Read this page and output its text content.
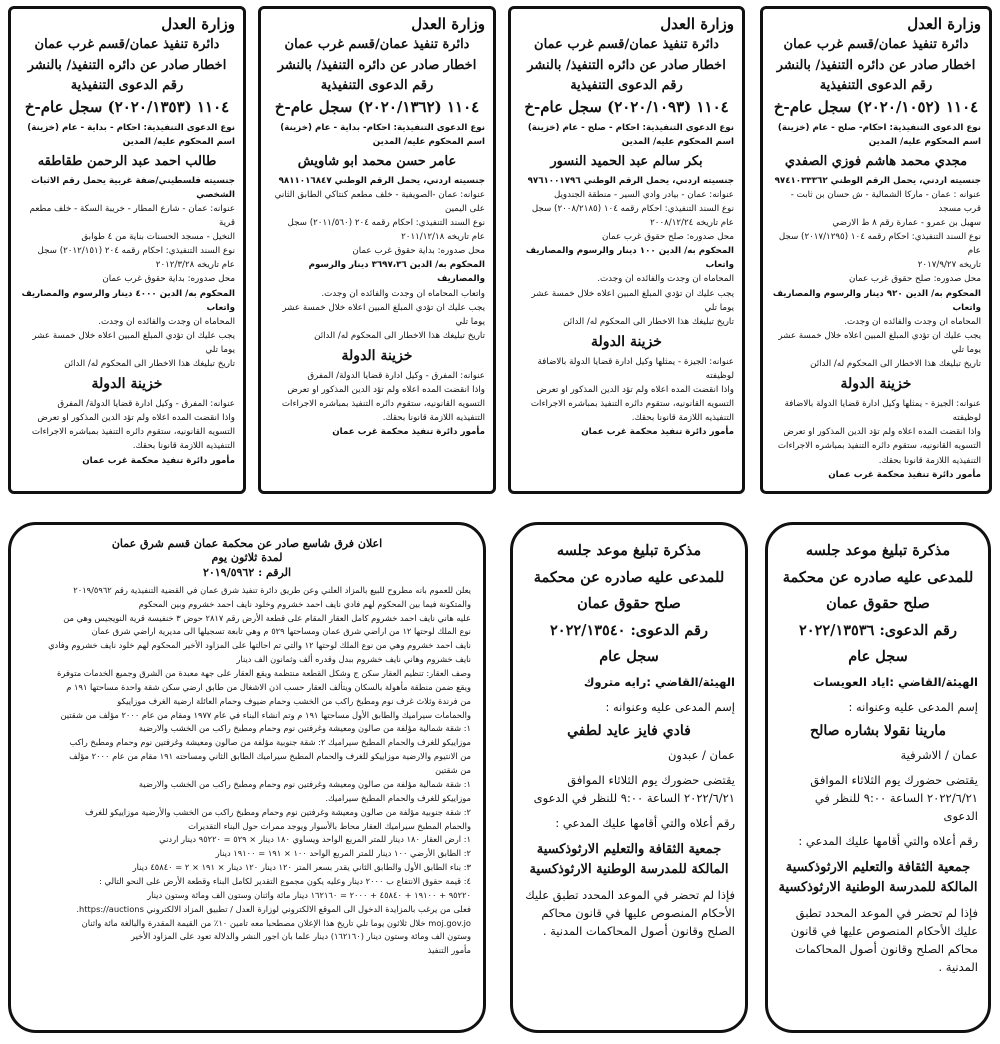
وزارة العدل
دائرة تنفيذ عمان/قسم غرب عمان
اخطار صادر عن دائره التنفيذ/ بالنشر
رقم الدعوى التنفيذية
١١٠٤ (٢٠٢٠/١٠٥٢) سجل عام-خ
نوع الدعوى التنفيذية: احكام- صلح - عام (خزينة)
اسم المحكوم عليه/ المدين
مجدي محمد هاشم فوزي الصفدي
جنسيته اردني، يحمل الرقم الوطني ٩٧٤١٠٣٣٣٦٢
عنوانه : عمان - ماركا الشمالية - ش حسان بن ثابت - قرب مسجد
سهيل بن عمرو - عمارة رقم ٨ ط الارضي
نوع السند التنفيذي: احكام رقمه ١٠٤ (٢٠١٧/١٢٩٥) سجل عام
تاريخه ٢٠١٧/٩/٢٧
محل صدوره: صلح حقوق غرب عمان
المحكوم به/ الدين ٩٢٠ دينار والرسوم والمصاريف واتعاب
المحاماه ان وجدت والفائده ان وجدت.
يجب عليك ان تؤدي المبلغ المبين اعلاه خلال خمسة عشر يوما تلي
تاريخ تبليغك هذا الاخطار الى المحكوم له/ الدائن
خزينة الدولة
عنوانه: الجيزة - يمثلها وكيل ادارة قضايا الدولة بالاضافة
لوظيفته
واذا انقضت المده اعلاه ولم تؤد الدين المذكور او تعرض
التسويه القانونيه، ستقوم دائره التنفيذ بمباشره الاجراءات
التنفيذيه اللازمة قانونا بحقك.
مأمور دائرة تنفيذ محكمة غرب عمان
وزارة العدل
دائرة تنفيذ عمان/قسم غرب عمان
اخطار صادر عن دائره التنفيذ/ بالنشر
رقم الدعوى التنفيذية
١١٠٤ (٢٠٢٠/١٠٩٣) سجل عام-خ
نوع الدعوى التنفيذية: احكام - صلح - عام (خزينة)
اسم المحكوم عليه/ المدين
بكر سالم عبد الحميد النسور
جنسيته اردني، يحمل الرقم الوطني ٩٧٦١٠٠١٧٩٦
عنوانه: عمان - بيادر وادي السير - منطقة الجندويل
نوع السند التنفيذي: احكام رقمه ١٠٤ (٢٠٠٨/٢١٨٥) سجل
عام تاريخه ٢٠٠٨/١٢/٢٤
محل صدوره: صلح حقوق غرب عمان
المحكوم به/ الدين ١٠٠ دينار والرسوم والمصاريف واتعاب
المحاماه ان وجدت والفائده ان وجدت.
يجب عليك ان تؤدي المبلغ المبين اعلاه خلال خمسة عشر يوما تلي
تاريخ تبليغك هذا الاخطار الى المحكوم له/ الدائن
خزينة الدولة
عنوانه: الجيزة - يمثلها وكيل ادارة قضايا الدولة بالاضافة
لوظيفته
واذا انقضت المده اعلاه ولم تؤد الدين المذكور او تعرض
التسويه القانونيه، ستقوم دائره التنفيذ بمباشره الاجراءات
التنفيذيه اللازمة قانونا بحقك.
مأمور دائرة تنفيذ محكمة غرب عمان
وزارة العدل
دائرة تنفيذ عمان/قسم غرب عمان
اخطار صادر عن دائره التنفيذ/ بالنشر
رقم الدعوى التنفيذية
١١٠٤ (٢٠٢٠/١٣٦٢) سجل عام-خ
نوع الدعوى التنفيذية: احكام- بداية - عام (خزينة)
اسم المحكوم عليه/ المدين
عامر حسن محمد ابو شاويش
جنسيته اردني، يحمل الرقم الوطني ٩٨١١٠١٦٨٤٧
عنوانه: عمان -الصويفية - خلف مطعم كنتاكي الطابق الثاني
على اليمين
نوع السند التنفيذي: احكام رقمه ٢٠٤ (٢٠١١/٥٦٠) سجل
عام تاريخه ٢٠١١/١٢/١٨
محل صدوره: بداية حقوق غرب عمان
المحكوم به/ الدين ٣٦٩٧،٣٦ دينار والرسوم والمصاريف
واتعاب المحاماه ان وجدت والفائده ان وجدت.
يجب عليك ان تؤدي المبلغ المبين اعلاه خلال خمسة عشر يوما تلي
تاريخ تبليغك هذا الاخطار الى المحكوم له/ الدائن
خزينة الدولة
عنوانه: المفرق - وكيل ادارة قضايا الدولة/ المفرق
واذا انقضت المده اعلاه ولم تؤد الدين المذكور او تعرض
التسويه القانونيه، ستقوم دائره التنفيذ بمباشره الاجراءات
التنفيذيه اللازمة قانونا بحقك.
مأمور دائرة تنفيذ محكمة غرب عمان
وزارة العدل
دائرة تنفيذ عمان/قسم غرب عمان
اخطار صادر عن دائره التنفيذ/ بالنشر
رقم الدعوى التنفيذية
١١٠٤ (٢٠٢٠/١٣٥٣) سجل عام-خ
نوع الدعوى التنفيذية: احكام - بداية - عام (خزينة)
اسم المحكوم عليه/ المدين
طالب احمد عبد الرحمن طقاطقه
جنسيته فلسطيني/ضفة غربية يحمل رقم الاثبات الشخصي
عنوانه: عمان - شارع المطار - خريبة السكة - خلف مطعم قرية
النخيل - مسجد الحسنات بناية من ٤ طوابق
نوع السند التنفيذي: احكام رقمه ٢٠٤ (٢٠١٢/١٥١) سجل
عام تاريخه ٢٠١٢/٣/٢٨
محل صدوره: بداية حقوق غرب عمان
المحكوم به/ الدين ٤٠٠٠ دينار والرسوم والمصاريف واتعاب
المحاماه ان وجدت والفائده ان وجدت.
يجب عليك ان تؤدي المبلغ المبين اعلاه خلال خمسة عشر يوما تلي
تاريخ تبليغك هذا الاخطار الى المحكوم له/ الدائن
خزينة الدولة
عنوانه: المفرق - وكيل ادارة قضايا الدولة/ المفرق
واذا انقضت المده اعلاه ولم تؤد الدين المذكور او تعرض
التسويه القانونيه، ستقوم دائره التنفيذ بمباشره الاجراءات
التنفيذيه اللازمة قانونا بحقك.
مأمور دائرة تنفيذ محكمة غرب عمان
مذكرة تبليغ موعد جلسه
للمدعى عليه صادره عن محكمة
صلح حقوق عمان
رقم الدعوى: ٢٠٢٢/١٣٥٣٦
سجل عام
الهيئة/القاضي :اياد العويسات
إسم المدعى عليه وعنوانه :
مارينا نقولا بشاره صالح
عمان / الاشرفية
يقتضى حضورك يوم الثلاثاء الموافق ٢٠٢٢/٦/٢١ الساعة ٩:٠٠ للنظر في الدعوى
رقم أعلاه والتي أقامها عليك المدعي :
جمعية الثقافة والتعليم الارثوذكسية المالكة للمدرسة الوطنية الارثوذكسية
فإذا لم تحضر في الموعد المحدد تطبق عليك الأحكام المنصوص عليها في قانون محاكم الصلح وقانون أصول المحاكمات المدنية .
مذكرة تبليغ موعد جلسه
للمدعى عليه صادره عن محكمة
صلح حقوق عمان
رقم الدعوى: ٢٠٢٢/١٣٥٤٠
سجل عام
الهيئة/القاضي :رايه متروك
إسم المدعى عليه وعنوانه :
فادي فايز عايد لطفي
عمان / عبدون
يقتضى حضورك يوم الثلاثاء الموافق ٢٠٢٢/٦/٢١ الساعة ٩:٠٠ للنظر في الدعوى
رقم أعلاه والتي أقامها عليك المدعي :
جمعية الثقافة والتعليم الارثوذكسية المالكة للمدرسة الوطنية الارثوذكسية
فإذا لم تحضر في الموعد المحدد تطبق عليك الأحكام المنصوص عليها في قانون محاكم الصلح وقانون أصول المحاكمات المدنية .
اعلان فرق شاسع صادر عن محكمة عمان قسم شرق عمان
لمدة ثلاثون يوم
الرقم : ٢٠١٩/٥٩٦٢
يعلن للعموم بانه مطروح للبيع بالمزاد العلني وعن طريق دائرة تنفيذ شرق عمان في القضية التنفيذية رقم ٢٠١٩/٥٩٦٢
والمتكونة فيما بين المحكوم لهم فادي نايف احمد خشروم وخلود نايف احمد خشروم وبين المحكوم
عليه هاني نايف احمد خشروم كامل العقار المقام على قطعة الأرض رقم ٢٨١٧ حوض ٣ خنفيسة قرية النويجيس وهي من
نوع الملك لوحتها ١٢ من اراضي شرق عمان ومساحتها ٥٢٩ م وهي تابعة تسجيلها الى مديرية اراضي شرق عمان
نايف احمد خشروم وهي من نوع الملك لوحتها ١٢ والتي تم احالتها على المزاود الأخير المحكوم لهم خلود نايف خشروم وفادي
نايف خشروم وهاني نايف خشروم ببدل وقدره ألف وثمانون الف دينار
وصف العقار: تنظيم العقار سكن ج وشكل القطعة منتظمة ويقع العقار على جهة معبدة من الشرق وجميع الخدمات متوفرة
ويقع ضمن منطقة مأهولة بالسكان ويتألف العقار حسب اذن الاشغال من طابق ارضي سكن شقة واحدة مساحتها ١٩١ م
من فرندة وثلاث غرف نوم ومطبخ راكب من الخشب وحمام ضيوف وحمام العائلة ارضية الغرف موزاييكو
والحمامات سيراميك والطابق الأول مساحتها ١٩١ م وتم انشاء البناء في عام ١٩٧٧ ومقام من عام ٢٠٠٠ مؤلف من شقتين
١: شقة شمالية مؤلفة من صالون ومعيشة وغرفتين نوم وحمام ومطبخ راكب من الخشب والارضية
موزاييكو للغرف والحمام المطبخ سيراميك ٢: شقة جنوبية مؤلفة من صالون ومعيشة وغرفتين نوم وحمام ومطبخ راكب
من الانتيوم والارضية موزاييكو للغرف والحمام المطبخ سيراميك الطابق الثاني ومساحته ١٩١ مقام من عام ٢٠٠٠ مؤلف
من شقتين
١: شقة شمالية مؤلفة من صالون ومعيشة وغرفتين نوم وحمام ومطبخ راكب من الخشب والارضية
موزاييكو للغرف والحمام المطبخ سيراميك.
٢: شقة جنوبية مؤلفة من صالون ومعيشة وغرفتين نوم وحمام ومطبخ راكب من الخشب والأرضية موزاييكو للغرف
والحمام المطبخ سيراميك العقار محاط بالأسوار ويوجد ممرات حول البناء التقديرات
١: ارض العقار ١٨٠ دينار للمتر المربع الواحد ويساوي ١٨٠ دينار × ٥٢٩ = ٩٥٢٢٠ دينار اردني
٢: الطابق الأرضي ١٠٠ دينار للمتر المربع الواحد ١٠٠ × ١٩١ = ١٩١٠٠ دينار
٣: بناء الطابق الأول والطابق الثاني يقدر بسعر المتر ١٢٠ دينار ١٢٠ دينار × ١٩١ × ٢ = ٤٥٨٤٠ دينار
٤: قيمة حقوق الانتفاع ب ٢٠٠٠ دينار وعليه يكون مجموع التقدير لكامل البناء وقطعة الأرض على النحو التالي :
٩٥٢٢٠ + ١٩١٠٠ + ٤٥٨٤٠ + ٢٠٠٠ = ١٦٢١٦٠ دينار مائة واثنان وستون الف ومائة وستون دينار
فعلى من يرغب بالمزايدة الدخول الى الموقع الالكتروني لوزارة العدل / تطبيق المزاد الالكتروني https://auctions.
moj.gov.jo خلال ثلاثون يوما تلي تاريخ هذا الإعلان مصطحبا معه تامين ١٠٪ من القيمة المقدرة والبالغة مائة واثنان
وستون الف ومائة وستون دينار (١٦٢١٦٠) دينار علما بان اجور النشر والدلالة تعود على المزاود الأخير
مأمور التنفيذ
